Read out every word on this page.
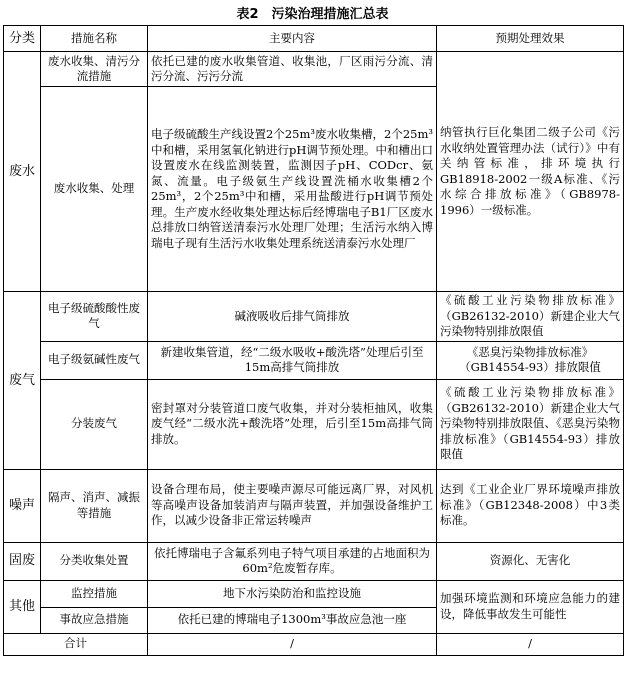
表2　污染治理措施汇总表
分类	措施名称	主要内容	预期处理效果
废水	废水收集、清污分流措施	依托已建的废水收集管道、收集池，厂区雨污分流、清污分流、污污分流	纳管执行巨化集团二级子公司《污水收纳处置管理办法（试行）》中有关纳管标准，排环境执行GB18918-2002一级A标准、《污水综合排放标准》（GB8978-1996）一级标准。
	废水收集、处理	电子级硫酸生产线设置2个25m³废水收集槽，2个25m³中和槽，采用氢氧化钠进行pH调节预处理。中和槽出口设置废水在线监测装置，监测因子pH、CODcr、氨氮、流量。电子级氨生产线设置洗桶水收集槽2个25m³，2个25m³中和槽，采用盐酸进行pH调节预处理。生产废水经收集处理达标后经博瑞电子B1厂区废水总排放口纳管送清泰污水处理厂处理；生活污水纳入博瑞电子现有生活污水收集处理系统送清泰污水处理厂	
废气	电子级硫酸酸性废气	碱液吸收后排气筒排放	《硫酸工业污染物排放标准》（GB26132-2010）新建企业大气污染物特别排放限值
	电子级氨碱性废气	新建收集管道，经“二级水吸收+酸洗塔”处理后引至15m高排气筒排放	《恶臭污染物排放标准》（GB14554-93）排放限值
	分装废气	密封罩对分装管道口废气收集，并对分装柜抽风，收集废气经“二级水洗+酸洗塔”处理，后引至15m高排气筒排放。	《硫酸工业污染物排放标准》（GB26132-2010）新建企业大气污染物特别排放限值、《恶臭污染物排放标准》（GB14554-93）排放限值
噪声	隔声、消声、减振等措施	设备合理布局，使主要噪声源尽可能远离厂界，对风机等高噪声设备加装消声与隔声装置，并加强设备维护工作，以减少设备非正常运转噪声	达到《工业企业厂界环境噪声排放标准》（GB12348-2008）中3类标准。
固废	分类收集处置	依托博瑞电子含氟系列电子特气项目承建的占地面积为60m²危废暂存库。	资源化、无害化
其他	监控措施	地下水污染防治和监控设施	加强环境监测和环境应急能力的建设，降低事故发生可能性
	事故应急措施	依托已建的博瑞电子1300m³事故应急池一座	
合计		/	/
